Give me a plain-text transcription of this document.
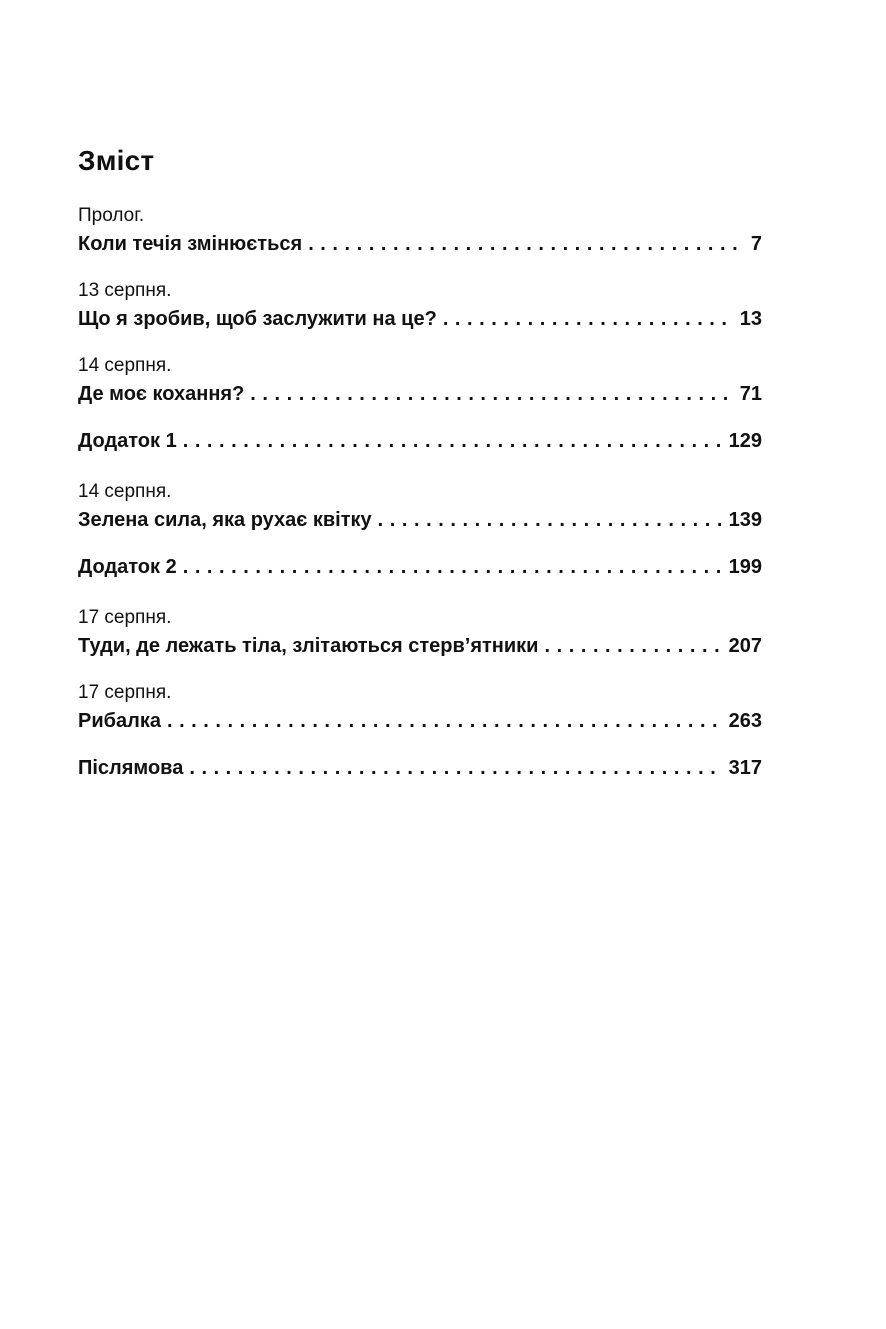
Зміст
Пролог.
Коли течія змінюється . . .	7
13 серпня.
Що я зробив, щоб заслужити на це? . . .	13
14 серпня.
Де моє кохання? . . .	71
Додаток 1 . . .	129
14 серпня.
Зелена сила, яка рухає квітку . . .	139
Додаток 2 . . .	199
17 серпня.
Туди, де лежать тіла, злітаються стерв’ятники . . .	207
17 серпня.
Рибалка . . .	263
Післямова . . .	317
